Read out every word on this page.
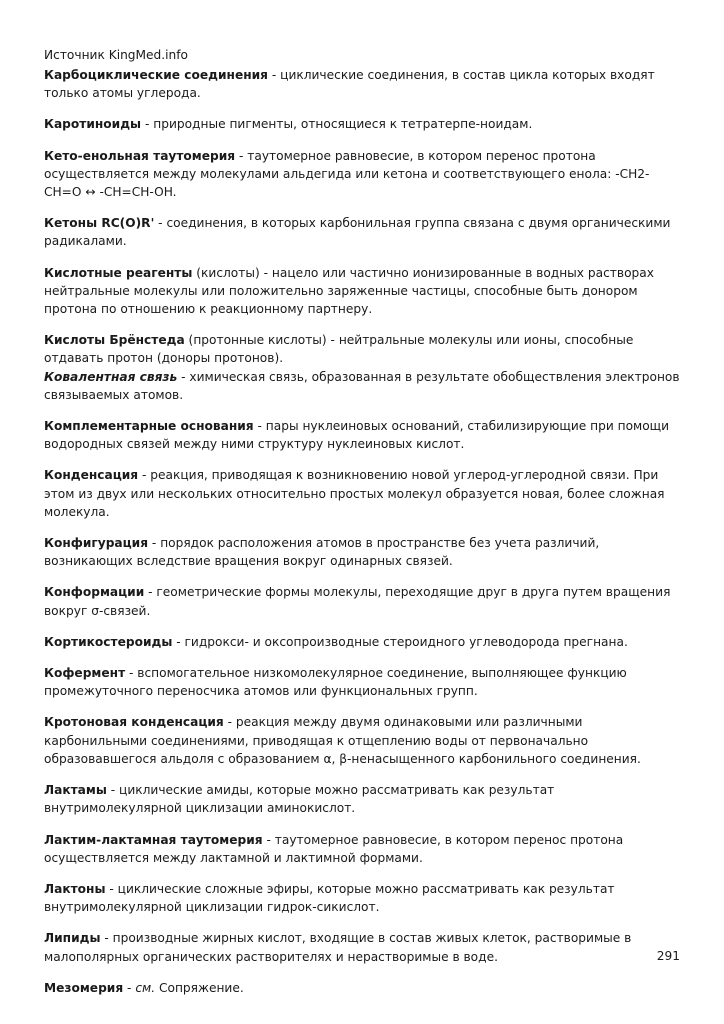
Источник KingMed.info

Карбоциклические соединения - циклические соединения, в состав цикла которых входят только атомы углерода.

Каротиноиды - природные пигменты, относящиеся к тетратерпе-ноидам.

Кето-енольная таутомерия - таутомерное равновесие, в котором перенос протона осуществляется между молекулами альдегида или кетона и соответствующего енола: -CH2-CH=O ↔ -CH=CH-OH.

Кетоны RC(O)R' - соединения, в которых карбонильная группа связана с двумя органическими радикалами.

Кислотные реагенты (кислоты) - нацело или частично ионизированные в водных растворах нейтральные молекулы или положительно заряженные частицы, способные быть донором протона по отношению к реакционному партнеру.

Кислоты Брёнстеда (протонные кислоты) - нейтральные молекулы или ионы, способные отдавать протон (доноры протонов).

Ковалентная связь - химическая связь, образованная в результате обобществления электронов связываемых атомов.

Комплементарные основания - пары нуклеиновых оснований, стабилизирующие при помощи водородных связей между ними структуру нуклеиновых кислот.

Конденсация - реакция, приводящая к возникновению новой углерод-углеродной связи. При этом из двух или нескольких относительно простых молекул образуется новая, более сложная молекула.

Конфигурация - порядок расположения атомов в пространстве без учета различий, возникающих вследствие вращения вокруг одинарных связей.

Конформации - геометрические формы молекулы, переходящие друг в друга путем вращения вокруг σ-связей.

Кортикостероиды - гидрокси- и оксопроизводные стероидного углеводорода прегнана.

Кофермент - вспомогательное низкомолекулярное соединение, выполняющее функцию промежуточного переносчика атомов или функциональных групп.

Кротоновая конденсация - реакция между двумя одинаковыми или различными карбонильными соединениями, приводящая к отщеплению воды от первоначально образовавшегося альдоля с образованием α, β-ненасыщенного карбонильного соединения.

Лактамы - циклические амиды, которые можно рассматривать как результат внутримолекулярной циклизации аминокислот.

Лактим-лактамная таутомерия - таутомерное равновесие, в котором перенос протона осуществляется между лактамной и лактимной формами.

Лактоны - циклические сложные эфиры, которые можно рассматривать как результат внутримолекулярной циклизации гидрок-сикислот.

Липиды - производные жирных кислот, входящие в состав живых клеток, растворимые в малополярных органических растворителях и нерастворимые в воде.

Мезомерия - см. Сопряжение.

291
